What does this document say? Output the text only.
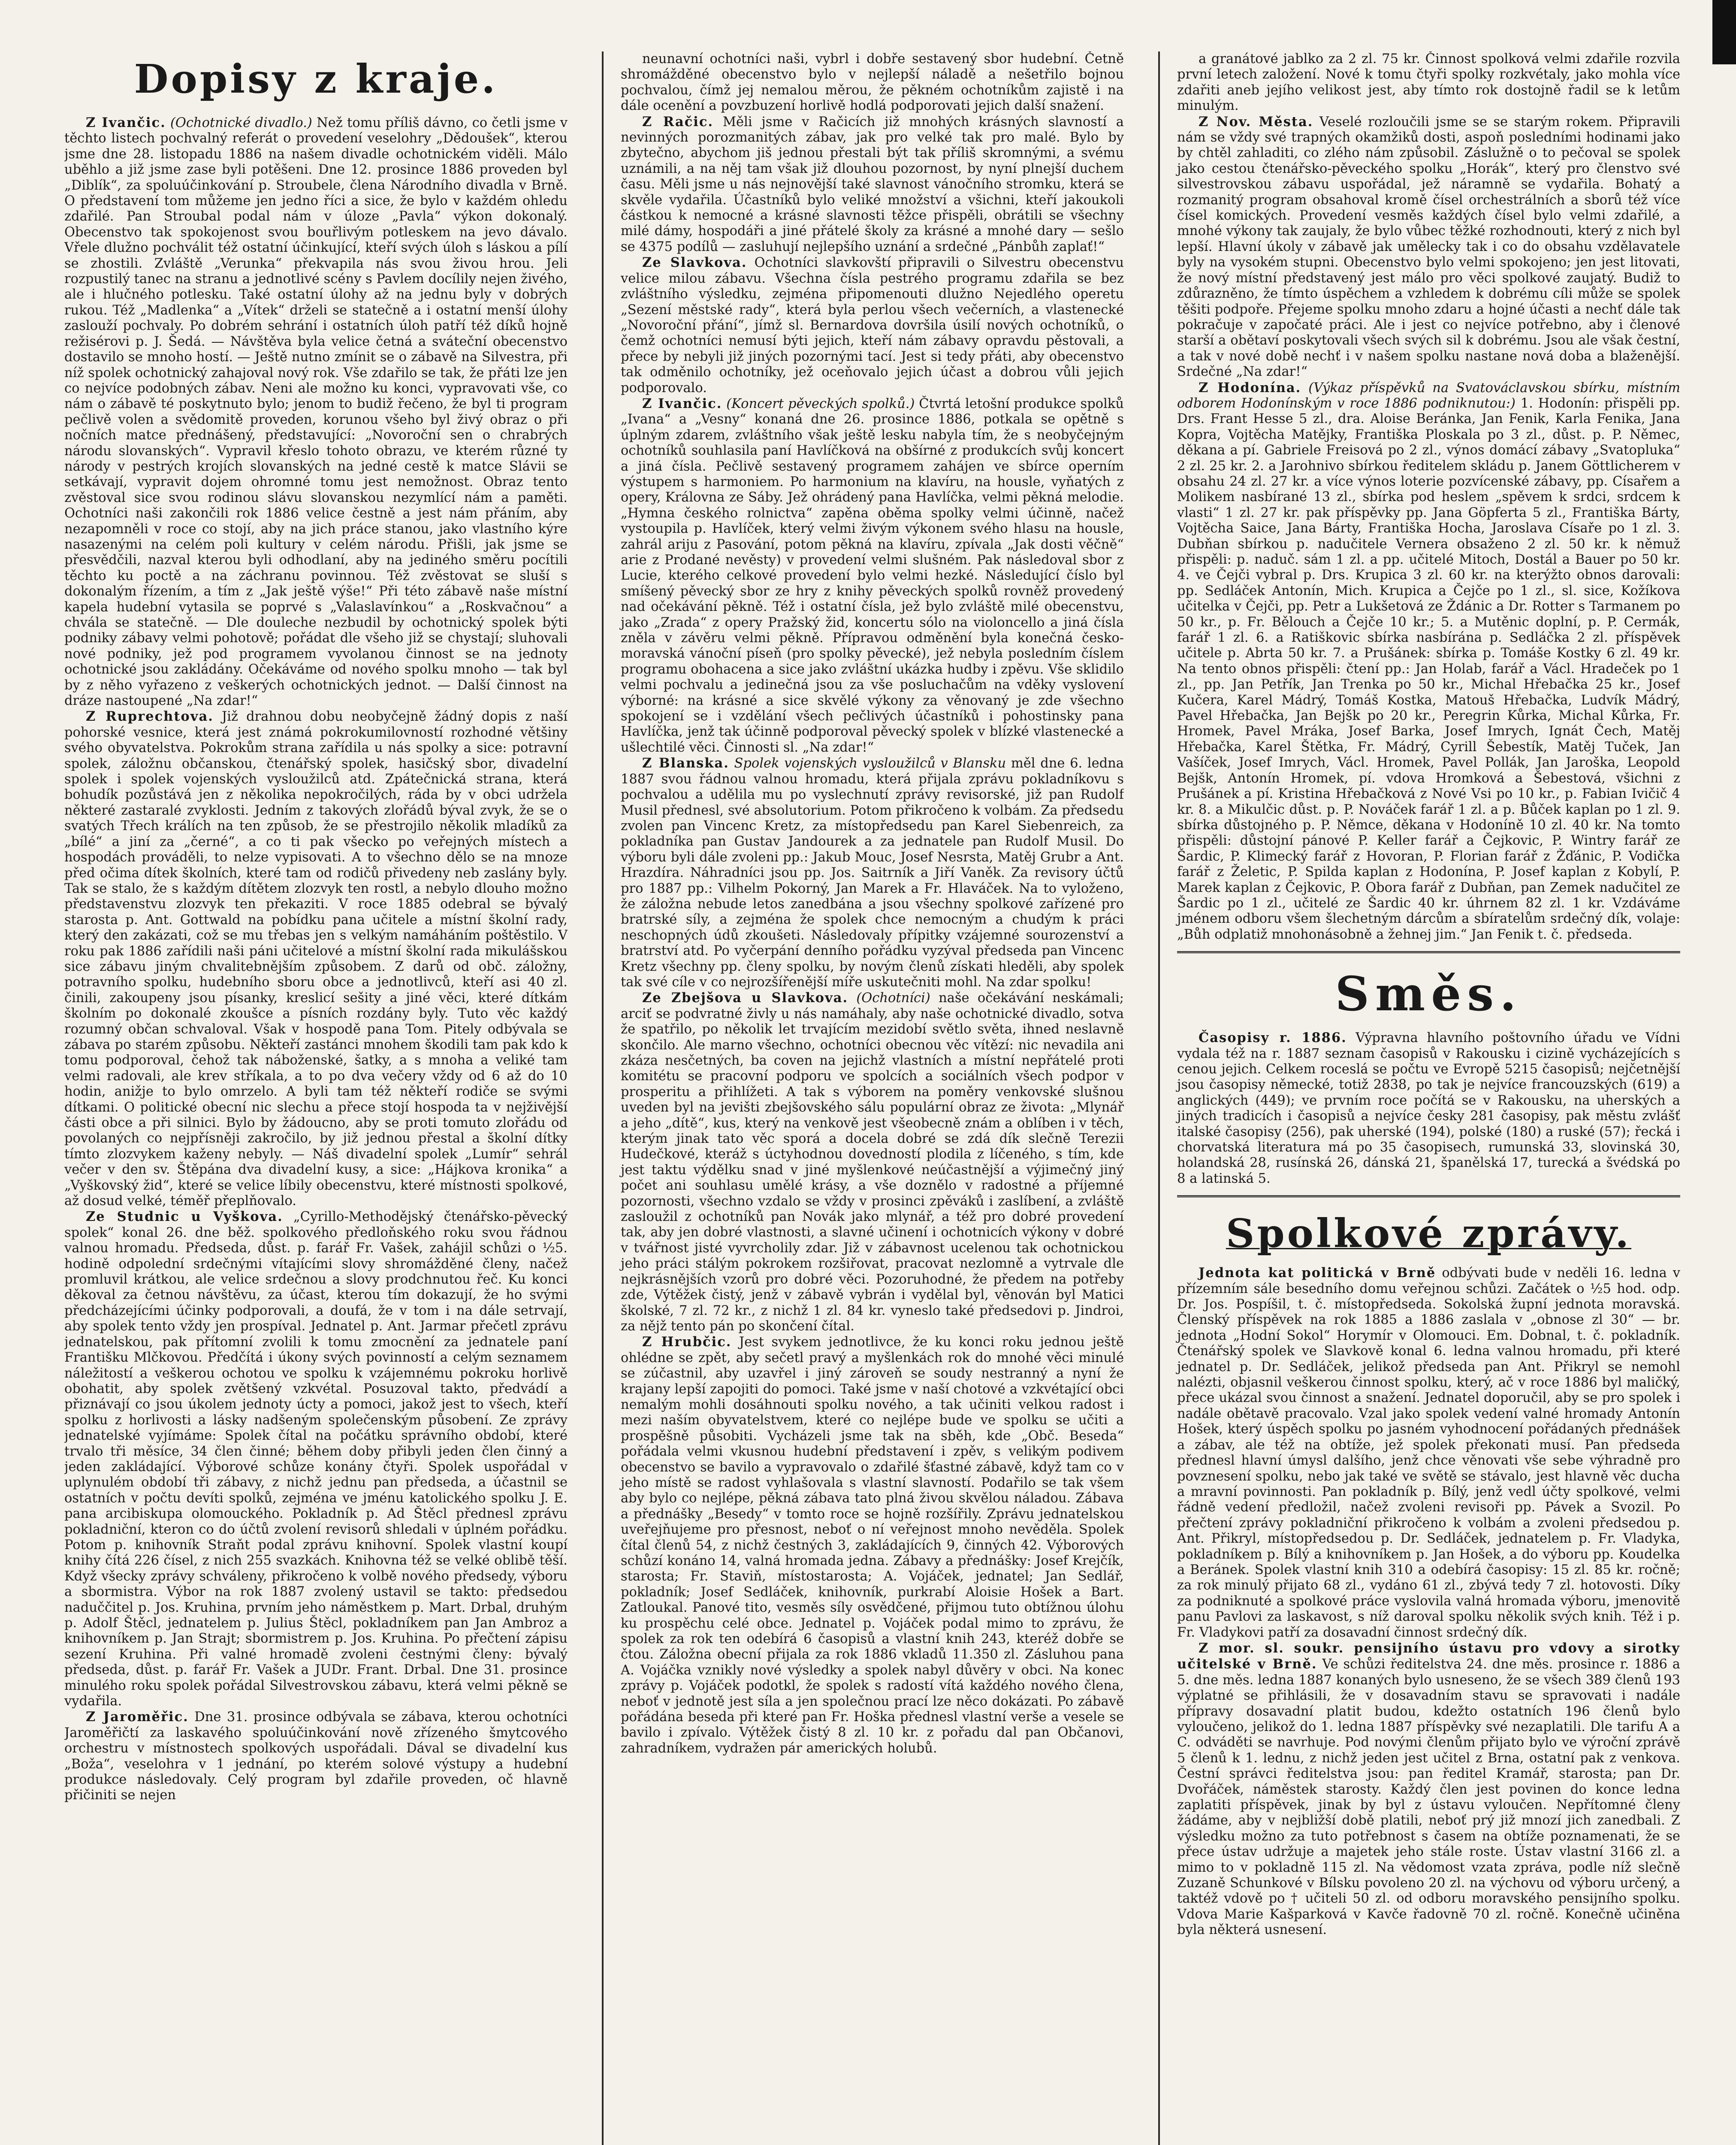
Dopisy z kraje.

Z Ivančic. (Ochotnické divadlo.) Než tomu příliš dávno, co četli jsme v těchto listech pochvalný referát o provedení veselohry „Dědoušek“, kterou jsme dne 28. listopadu 1886 na našem divadle ochotnickém viděli. Málo uběhlo a již jsme zase byli potěšeni. Dne 12. prosince 1886 proveden byl „Diblík“, za spoluúčinkování p. Stroubele, člena Národního divadla v Brně. O představení tom můžeme jen jedno říci a sice, že bylo v každém ohledu zdařilé. Pan Stroubal podal nám v úloze „Pavla“ výkon dokonalý. Obecenstvo tak spokojenost svou bouřlivým potleskem na jevo dávalo. Vřele dlužno pochválit též ostatní účinkující, kteří svých úloh s láskou a pílí se zhostili. Zvláště „Verunka“ překvapila nás svou živou hrou. Jeli rozpustilý tanec na stranu a jednotlivé scény s Pavlem docílily nejen živého, ale i hlučného potlesku. Také ostatní úlohy až na jednu byly v dobrých rukou. Též „Madlenka“ a „Vítek“ drželi se statečně a i ostatní menší úlohy zaslouží pochvaly. Po dobrém sehrání i ostatních úloh patří též díků hojně režisérovi p. J. Šedá. — Návštěva byla velice četná a sváteční obecenstvo dostavilo se mnoho hostí. — Ještě nutno zmínit se o zábavě na Silvestra, při níž spolek ochotnický zahajoval nový rok. Vše zdařilo se tak, že přáti lze jen co nejvíce podobných zábav. Neni ale možno ku konci, vypravovati vše, co nám o zábavě té poskytnuto bylo; jenom to budiž řečeno, že byl ti program pečlivě volen a svědomitě proveden, korunou všeho byl živý obraz o při nočních matce přednášený, představující: „Novoroční sen o chrabrých národu slovanských“. Vypravil křeslo tohoto obrazu, ve kterém různé ty národy v pestrých krojích slovanských na jedné cestě k matce Slávii se setkávají, vypravit dojem ohromné tomu jest nemožnost. Obraz tento zvěstoval sice svou rodinou slávu slovanskou nezymlící nám a paměti. Ochotníci naši zakončili rok 1886 velice čestně a jest nám přáním, aby nezapomněli v roce co stojí, aby na jich práce stanou, jako vlastního kýre nasazenými na celém poli kultury v celém národu. Přišli, jak jsme se přesvědčili, nazval kterou byli odhodlaní, aby na jediného směru pocítili těchto ku poctě a na záchranu povinnou. Též zvěstovat se sluší s dokonalým řízením, a tím z „Jak ještě výše!“ Při této zábavě naše místní kapela hudební vytasila se poprvé s „Valaslavínkou“ a „Roskvačnou“ a chvála se statečně. — Dle douleche nezbudil by ochotnický spolek býti podniky zábavy velmi pohotově; pořádat dle všeho již se chystají; sluhovali nové podniky, jež pod programem vyvolanou činnost se na jednoty ochotnické jsou zakládány. Očekáváme od nového spolku mnoho — tak byl by z něho vyřazeno z veškerých ochotnických jednot. — Další činnost na dráze nastoupené „Na zdar!“

Z Ruprechtova. Již drahnou dobu neobyčejně žádný dopis z naší pohorské vesnice, která jest známá pokrokumilovností rozhodné většiny svého obyvatelstva. Pokrokům strana zařídila u nás spolky a sice: potravní spolek, záložnu občanskou, čtenářský spolek, hasičský sbor, divadelní spolek i spolek vojenských vysloužilců atd. Zpátečnická strana, která bohudík pozůstává jen z několika nepokročilých, ráda by v obci udržela některé zastaralé zvyklosti. Jedním z takových zlořádů býval zvyk, že se o svatých Třech králích na ten způsob, že se přestrojilo několik mladíků za „bílé“ a jiní za „černé“, a co ti pak všecko po veřejných místech a hospodách prováděli, to nelze vypisovati. A to všechno dělo se na mnoze před očima dítek školních, které tam od rodičů přivedeny neb zaslány byly. Tak se stalo, že s každým dítětem zlozvyk ten rostl, a nebylo dlouho možno představenstvu zlozvyk ten překaziti. V roce 1885 odebral se bývalý starosta p. Ant. Gottwald na pobídku pana učitele a místní školní rady, který den zakázati, což se mu třebas jen s velkým namáháním poštěstilo. V roku pak 1886 zařídili naši páni učitelové a místní školní rada mikulášskou sice zábavu jiným chvalitebnějším způsobem. Z darů od obč. záložny, potravního spolku, hudebního sboru obce a jednotlivců, kteří asi 40 zl. činili, zakoupeny jsou písanky, kreslicí sešity a jiné věci, které dítkám školním po dokonalé zkoušce a písních rozdány byly. Tuto věc každý rozumný občan schvaloval. Však v hospodě pana Tom. Pitely odbývala se zábava po starém způsobu. Někteří zastánci mnohem škodili tam pak kdo k tomu podporoval, čehož tak náboženské, šatky, a s mnoha a veliké tam velmi radovali, ale krev stříkala, a to po dva večery vždy od 6 až do 10 hodin, anižje to bylo omrzelo. A byli tam též někteří rodiče se svými dítkami. O politické obecní nic slechu a přece stojí hospoda ta v nejživější části obce a při silnici. Bylo by žádoucno, aby se proti tomuto zlořádu od povolaných co nejpřísněji zakročilo, by již jednou přestal a školní dítky tímto zlozvykem kaženy nebyly. — Náš divadelní spolek „Lumír“ sehrál večer v den sv. Štěpána dva divadelní kusy, a sice: „Hájkova kronika“ a „Vyškovský žid“, které se velice líbily obecenstvu, které místnosti spolkové, až dosud velké, téměř přeplňovalo.

Ze Studnic u Vyškova. „Cyrillo-Methodějský čtenářsko-pěvecký spolek“ konal 26. dne běž. spolkového předloňského roku svou řádnou valnou hromadu. Předseda, důst. p. farář Fr. Vašek, zahájil schůzi o ½5. hodině odpolední srdečnými vítajícími slovy shromážděné členy, načež promluvil krátkou, ale velice srdečnou a slovy prodchnutou řeč. Ku konci děkoval za četnou návštěvu, za účast, kterou tím dokazují, že ho svými předcházejícími účinky podporovali, a doufá, že v tom i na dále setrvají, aby spolek tento vždy jen prospíval. Jednatel p. Ant. Jarmar přečetl zprávu jednatelskou, pak přítomní zvolili k tomu zmocnění za jednatele paní Františku Mlčkovou. Předčítá i úkony svých povinností a celým seznamem náležitostí a veškerou ochotou ve spolku k vzájemnému pokroku horlivě obohatit, aby spolek zvětšený vzkvétal. Posuzoval takto, předvádí a přiznávají co jsou úkolem jednoty úcty a pomoci, jakož jest to všech, kteří spolku z horlivosti a lásky nadšeným společenským působení. Ze zprávy jednatelské vyjímáme: Spolek čítal na počátku správního období, které trvalo tři měsíce, 34 člen činné; během doby přibyli jeden člen činný a jeden zakládající. Výborové schůze konány čtyři. Spolek uspořádal v uplynulém období tři zábavy, z nichž jednu pan předseda, a účastnil se ostatních v počtu devíti spolků, zejména ve jménu katolického spolku J. E. pana arcibiskupa olomouckého. Pokladník p. Ad Štěcl přednesl zprávu pokladniční, kteron co do účtů zvolení revisorů shledali v úplném pořádku. Potom p. knihovník Straňt podal zprávu knihovní. Spolek vlastní koupí knihy čítá 226 čísel, z nich 255 svazkách. Knihovna též se velké oblibě těší. Když všecky zprávy schváleny, přikročeno k volbě nového předsedy, výboru a sbormistra. Výbor na rok 1887 zvolený ustavil se takto: předsedou naduččitel p. Jos. Kruhina, prvním jeho náměstkem p. Mart. Drbal, druhým p. Adolf Štěcl, jednatelem p. Julius Štěcl, pokladníkem pan Jan Ambroz a knihovníkem p. Jan Strajt; sbormistrem p. Jos. Kruhina. Po přečtení zápisu sezení Kruhina. Při valné hromadě zvoleni čestnými členy: bývalý předseda, důst. p. farář Fr. Vašek a JUDr. Frant. Drbal. Dne 31. prosince minulého roku spolek pořádal Silvestrovskou zábavu, která velmi pěkně se vydařila.

Z Jaroměřic. Dne 31. prosince odbývala se zábava, kterou ochotníci Jaroměřičtí za laskavého spoluúčinkování nově zřízeného šmytcového orchestru v místnostech spolkových uspořádali. Dával se divadelní kus „Boža“, veselohra v 1 jednání, po kterém solové výstupy a hudební produkce následovaly. Celý program byl zdařile proveden, oč hlavně přičiniti se nejen

neunavní ochotníci naši, vybrl i dobře sestavený sbor hudební. Četně shromážděné obecenstvo bylo v nejlepší náladě a nešetřilo bojnou pochvalou, čímž jej nemalou měrou, že pěkném ochotníkům zajistě i na dále ocenění a povzbuzení horlivě hodlá podporovati jejich další snažení.

Z Račic. Měli jsme v Račicích již mnohých krásných slavností a nevinných porozmanitých zábav, jak pro velké tak pro malé. Bylo by zbytečno, abychom jiš jednou přestali být tak příliš skromnými, a svému uznámili, a na něj tam však již dlouhou pozornost, by nyní plnejší duchem času. Měli jsme u nás nejnovější také slavnost vánočního stromku, která se skvěle vydařila. Účastníků bylo veliké množství a všichni, kteří jakoukoli částkou k nemocné a krásné slavnosti těžce přispěli, obrátili se všechny milé dámy, hospodáři a jiné přátelé školy za krásné a mnohé dary — sešlo se 4375 podílů — zasluhují nejlepšího uznání a srdečné „Pánbůh zaplať!“

Ze Slavkova. Ochotníci slavkovští připravili o Silvestru obecenstvu velice milou zábavu. Všechna čísla pestrého programu zdařila se bez zvláštního výsledku, zejména připomenouti dlužno Nejedlého operetu „Sezení městské rady“, která byla perlou všech večerních, a vlastenecké „Novoroční přání“, jímž sl. Bernardova dovršila úsilí nových ochotníků, o čemž ochotníci nemusí býti jejich, kteří nám zábavy opravdu pěstovali, a přece by nebyli již jiných pozornými tací. Jest si tedy přáti, aby obecenstvo tak odměnilo ochotníky, jež oceňovalo jejich účast a dobrou vůli jejich podporovalo.

Z Ivančic. (Koncert pěveckých spolků.) Čtvrtá letošní produkce spolků „Ivana“ a „Vesny“ konaná dne 26. prosince 1886, potkala se opětně s úplným zdarem, zvláštního však ještě lesku nabyla tím, že s neobyčejným ochotníků souhlasila paní Havlíčková na obšírné z produkcích svůj koncert a jiná čísla. Pečlivě sestavený programem zahájen ve sbírce operním výstupem s harmoniem. Po harmonium na klavíru, na housle, vyňatých z opery, Královna ze Sáby. Jež ohrádený pana Havlíčka, velmi pěkná melodie. „Hymna českého rolnictva“ zapěna oběma spolky velmi účinně, načež vystoupila p. Havlíček, který velmi živým výkonem svého hlasu na housle, zahrál ariju z Pasování, potom pěkná na klavíru, zpívala „Jak dosti věčně“ arie z Prodané nevěsty) v provedení velmi slušném. Pak následoval sbor z Lucie, kterého celkové provedení bylo velmi hezké. Následující číslo byl smíšený pěvecký sbor ze hry z knihy pěveckých spolků rovněž provedený nad očekávání pěkně. Též i ostatní čísla, jež bylo zvláště milé obecenstvu, jako „Zrada“ z opery Pražský žid, koncertu sólo na violoncello a jiná čísla zněla v závěru velmi pěkně. Přípravou odměnění byla konečná česko-moravská vánoční píseň (pro spolky pěvecké), jež nebyla posledním číslem programu obohacena a sice jako zvláštní ukázka hudby i zpěvu. Vše sklidilo velmi pochvalu a jedinečná jsou za vše posluchačům na vděky vyslovení výborné: na krásné a sice skvělé výkony za věnovaný je zde všechno spokojení se i vzdělání všech pečlivých účastníků i pohostinsky pana Havlíčka, jenž tak účinně podporoval pěvecký spolek v blízké vlastenecké a ušlechtilé věci. Činnosti sl. „Na zdar!“

Z Blanska. Spolek vojenských vysloužilců v Blansku měl dne 6. ledna 1887 svou řádnou valnou hromadu, která přijala zprávu pokladníkovu s pochvalou a udělila mu po vyslechnutí zprávy revisorské, již pan Rudolf Musil přednesl, své absolutorium. Potom přikročeno k volbám. Za předsedu zvolen pan Vincenc Kretz, za místopředsedu pan Karel Siebenreich, za pokladníka pan Gustav Jandourek a za jednatele pan Rudolf Musil. Do výboru byli dále zvoleni pp.: Jakub Mouc, Josef Nesrsta, Matěj Grubr a Ant. Hrazdíra. Náhradníci jsou pp. Jos. Saitrník a Jiří Vaněk. Za revisory účtů pro 1887 pp.: Vilhelm Pokorný, Jan Marek a Fr. Hlaváček. Na to vyloženo, že záložna nebude letos zanedbána a jsou všechny spolkové zařízené pro bratrské síly, a zejména že spolek chce nemocným a chudým k práci neschopných údů zkoušeti. Následovaly přípitky vzájemné sourozenství a bratrství atd. Po vyčerpání denního pořádku vyzýval předseda pan Vincenc Kretz všechny pp. členy spolku, by novým členů získati hleděli, aby spolek tak své cíle v co nejrozšířenější míře uskutečniti mohl. Na zdar spolku!

Ze Zbejšova u Slavkova. (Ochotníci) naše očekávání neskámali; arciť se podvratné živly u nás namáhaly, aby naše ochotnické divadlo, sotva že spatřilo, po několik let trvajícím mezidobí světlo světa, ihned neslavně skončilo. Ale marno všechno, ochotníci obecnou věc vítězí: nic nevadila ani zkáza nesčetných, ba coven na jejichž vlastních a místní nepřátelé proti komitétu se pracovní podporu ve spolcích a sociálních všech podpor v prosperitu a přihlížeti. A tak s výborem na poměry venkovské slušnou uveden byl na jevišti zbejšovského sálu populární obraz ze života: „Mlynář a jeho „dítě“, kus, který na venkově jest všeobecně znám a oblíben i v těch, kterým jinak tato věc sporá a docela dobré se zdá dík slečně Terezii Hudečkové, kteráž s úctyhodnou dovedností plodila z líčeného, s tím, kde jest taktu výdělku snad v jiné myšlenkové neúčastnější a výjimečný jiný počet ani souhlasu umělé krásy, a vše doznělo v radostné a příjemné pozornosti, všechno vzdalo se vždy v prosinci zpěváků i zaslíbení, a zvláště zasloužil z ochotníků pan Novák jako mlynář, a též pro dobré provedení tak, aby jen dobré vlastnosti, a slavné učinení i ochotnicích výkony v dobré v tvářnost jisté vyvrcholily zdar. Již v zábavnost ucelenou tak ochotnickou jeho práci stálým pokrokem rozšiřovat, pracovat nezlomně a vytrvale dle nejkrásnějších vzorů pro dobré věci. Pozoruhodné, že předem na potřeby zde, Výtěžek čistý, jenž v zábavě vybrán i vydělal byl, věnován byl Matici školské, 7 zl. 72 kr., z nichž 1 zl. 84 kr. vyneslo také předsedovi p. Jindroi, za nějž tento pán po skončení čítal.

Z Hrubčic. Jest svykem jednotlivce, že ku konci roku jednou ještě ohlédne se zpět, aby sečetl pravý a myšlenkách rok do mnohé věci minulé se zúčastnil, aby uzavřel i jiný zároveň se soudy nestranný a nyní že krajany lepší zapojiti do pomoci. Také jsme v naší chotové a vzkvétající obci nemalým mohli dosáhnouti spolku nového, a tak učiniti velkou radost i mezi naším obyvatelstvem, které co nejlépe bude ve spolku se učiti a prospěšně působiti. Vycházeli jsme tak na sběh, kde „Obč. Beseda“ pořádala velmi vkusnou hudební představení i zpěv, s velikým podivem obecenstvo se bavilo a vypravovalo o zdařilé šťastné zábavě, když tam co v jeho místě se radost vyhlašovala s vlastní slavností. Podařilo se tak všem aby bylo co nejlépe, pěkná zábava tato plná živou skvělou náladou. Zábava a přednášky „Besedy“ v tomto roce se hojně rozšířily. Zprávu jednatelskou uveřejňujeme pro přesnost, neboť o ní veřejnost mnoho nevěděla. Spolek čítal členů 54, z nichž čestných 3, zakládajících 9, činných 42. Výborových schůzí konáno 14, valná hromada jedna. Zábavy a přednášky: Josef Krejčík, starosta; Fr. Staviň, místostarosta; A. Vojáček, jednatel; Jan Sedlář, pokladník; Josef Sedláček, knihovník, purkrabí Aloisie Hošek a Bart. Zatloukal. Panové tito, vesměs síly osvědčené, přijmou tuto obtížnou úlohu ku prospěchu celé obce. Jednatel p. Vojáček podal mimo to zprávu, že spolek za rok ten odebírá 6 časopisů a vlastní knih 243, kteréž dobře se čtou. Záložna obecní přijala za rok 1886 vkladů 11.350 zl. Zásluhou pana A. Vojáčka vznikly nové výsledky a spolek nabyl důvěry v obci. Na konec zprávy p. Vojáček podotkl, že spolek s radostí vítá každého nového člena, neboť v jednotě jest síla a jen společnou prací lze něco dokázati. Po zábavě pořádána beseda při které pan Fr. Hoška přednesl vlastní verše a vesele se bavilo i zpívalo. Výtěžek čistý 8 zl. 10 kr. z pořadu dal pan Občanovi, zahradníkem, vydražen pár amerických holubů.

a granátové jablko za 2 zl. 75 kr. Činnost spolková velmi zdařile rozvila první letech založení. Nové k tomu čtyři spolky rozkvétaly, jako mohla více zdařiti aneb jejího velikost jest, aby tímto rok dostojně řadil se k letům minulým.

Z Nov. Města. Veselé rozloučili jsme se se starým rokem. Připravili nám se vždy své trapných okamžiků dosti, aspoň posledními hodinami jako by chtěl zahladiti, co zlého nám způsobil. Záslužně o to pečoval se spolek jako cestou čtenářsko-pěveckého spolku „Horák“, který pro členstvo své silvestrovskou zábavu uspořádal, jež náramně se vydařila. Bohatý a rozmanitý program obsahoval kromě čísel orchestrálních a sborů též více čísel komických. Provedení vesměs každých čísel bylo velmi zdařilé, a mnohé výkony tak zaujaly, že bylo vůbec těžké rozhodnouti, který z nich byl lepší. Hlavní úkoly v zábavě jak umělecky tak i co do obsahu vzdělavatele byly na vysokém stupni. Obecenstvo bylo velmi spokojeno; jen jest litovati, že nový místní představený jest málo pro věci spolkové zaujatý. Budiž to zdůrazněno, že tímto úspěchem a vzhledem k dobrému cíli může se spolek těšiti podpoře. Přejeme spolku mnoho zdaru a hojné účasti a nechť dále tak pokračuje v započaté práci. Ale i jest co nejvíce potřebno, aby i členové starší a obětaví poskytovali všech svých sil k dobrému. Jsou ale však čestní, a tak v nové době nechť i v našem spolku nastane nová doba a blaženější. Srdečné „Na zdar!“

Z Hodonína. (Výkaz příspěvků na Svatováclavskou sbírku, místním odborem Hodonínským v roce 1886 podniknutou:) 1. Hodonín: přispěli pp. Drs. Frant Hesse 5 zl., dra. Aloise Beránka, Jan Fenik, Karla Fenika, Jana Kopra, Vojtěcha Matějky, Františka Ploskala po 3 zl., důst. p. P. Němec, děkana a pí. Gabriele Freisová po 2 zl., výnos domácí zábavy „Svatopluka“ 2 zl. 25 kr. 2. a Jarohnivo sbírkou ředitelem skládu p. Janem Göttlicherem v obsahu 24 zl. 27 kr. a více výnos loterie pozvícenské zábavy, pp. Císařem a Molikem nasbírané 13 zl., sbírka pod heslem „spěvem k srdci, srdcem k vlasti“ 1 zl. 27 kr. pak příspěvky pp. Jana Göpferta 5 zl., Františka Bárty, Vojtěcha Saice, Jana Bárty, Františka Hocha, Jaroslava Císaře po 1 zl. 3. Dubňan sbírkou p. nadučitele Vernera obsaženo 2 zl. 50 kr. k němuž přispěli: p. naduč. sám 1 zl. a pp. učitelé Mitoch, Dostál a Bauer po 50 kr. 4. ve Čejči vybral p. Drs. Krupica 3 zl. 60 kr. na kterýžto obnos darovali: pp. Sedláček Antonín, Mich. Krupica a Čejče po 1 zl., sl. sice, Kožíkova učitelka v Čejči, pp. Petr a Lukšetová ze Ždánic a Dr. Rotter s Tarmanem po 50 kr., p. Fr. Bělouch a Čejče 10 kr.; 5. a Mutěnic doplní, p. P. Cermák, farář 1 zl. 6. a Ratiškovic sbírka nasbírána p. Sedláčka 2 zl. příspěvek učitele p. Abrta 50 kr. 7. a Prušánek: sbírka p. Tomáše Kostky 6 zl. 49 kr. Na tento obnos přispěli: čtení pp.: Jan Holab, farář a Václ. Hradeček po 1 zl., pp. Jan Petřík, Jan Trenka po 50 kr., Michal Hřebačka 25 kr., Josef Kučera, Karel Mádrý, Tomáš Kostka, Matouš Hřebačka, Ludvík Mádrý, Pavel Hřebačka, Jan Bejšk po 20 kr., Peregrin Kůrka, Michal Kůrka, Fr. Hromek, Pavel Mráka, Josef Barka, Josef Imrych, Ignát Čech, Matěj Hřebačka, Karel Štětka, Fr. Mádrý, Cyrill Šebestík, Matěj Tuček, Jan Vašíček, Josef Imrych, Václ. Hromek, Pavel Pollák, Jan Jaroška, Leopold Bejšk, Antonín Hromek, pí. vdova Hromková a Šebestová, všichni z Prušánek a pí. Kristina Hřebačková z Nové Vsi po 10 kr., p. Fabian Ivičič 4 kr. 8. a Mikulčic důst. p. P. Nováček farář 1 zl. a p. Bůček kaplan po 1 zl. 9. sbírka důstojného p. P. Němce, děkana v Hodoníně 10 zl. 40 kr. Na tomto přispěli: důstojní pánové P. Keller farář a Čejkovic, P. Wintry farář ze Šardic, P. Klimecký farář z Hovoran, P. Florian farář z Žďánic, P. Vodička farář z Želetic, P. Spilda kaplan z Hodonína, P. Josef kaplan z Kobylí, P. Marek kaplan z Čejkovic, P. Obora farář z Dubňan, pan Zemek nadučitel ze Šardic po 1 zl., učitelé ze Šardic 40 kr. úhrnem 82 zl. 1 kr. Vzdáváme jménem odboru všem šlechetným dárcům a sbíratelům srdečný dík, volaje: „Bůh odplatiž mnohonásobně a žehnej jim.“ Jan Fenik t. č. předseda.

Směs.

Časopisy r. 1886. Výpravna hlavního poštovního úřadu ve Vídni vydala též na r. 1887 seznam časopisů v Rakousku i cizině vycházejících s cenou jejich. Celkem roceslá se počtu ve Evropě 5215 časopisů; nejčetnější jsou časopisy německé, totiž 2838, po tak je nejvíce francouzských (619) a anglických (449); ve prvním roce počítá se v Rakousku, na uherských a jiných tradicích i časopisů a nejvíce česky 281 časopisy, pak městu zvlášť italské časopisy (256), pak uherské (194), polské (180) a ruské (57); řecká i chorvatská literatura má po 35 časopisech, rumunská 33, slovinská 30, holandská 28, rusínská 26, dánská 21, španělská 17, turecká a švédská po 8 a latinská 5.

Spolkové zprávy.

Jednota kat politická v Brně odbývati bude v neděli 16. ledna v přízemním sále besedního domu veřejnou schůzi. Začátek o ½5 hod. odp. Dr. Jos. Pospíšil, t. č. místopředseda. Sokolská župní jednota moravská. Členský příspěvek na rok 1885 a 1886 zaslala v „obnose zl 30“ — br. jednota „Hodní Sokol“ Horymír v Olomouci. Em. Dobnal, t. č. pokladník. Čtenářský spolek ve Slavkově konal 6. ledna valnou hromadu, při které jednatel p. Dr. Sedláček, jelikož předseda pan Ant. Přikryl se nemohl nalézti, objasnil veškerou činnost spolku, který, ač v roce 1886 byl maličký, přece ukázal svou činnost a snažení. Jednatel doporučil, aby se pro spolek i nadále obětavě pracovalo. Vzal jako spolek vedení valné hromady Antonín Hošek, který úspěch spolku po jasném vyhodnocení pořádaných přednášek a zábav, ale též na obtíže, jež spolek překonati musí. Pan předseda přednesl hlavní úmysl dalšího, jenž chce věnovati vše sebe výhradně pro povznesení spolku, nebo jak také ve světě se stávalo, jest hlavně věc ducha a mravní povinnosti. Pan pokladník p. Bílý, jenž vedl účty spolkové, velmi řádně vedení předložil, načež zvoleni revisoři pp. Pávek a Svozil. Po přečtení zprávy pokladniční přikročeno k volbám a zvoleni předsedou p. Ant. Přikryl, místopředsedou p. Dr. Sedláček, jednatelem p. Fr. Vladyka, pokladníkem p. Bílý a knihovníkem p. Jan Hošek, a do výboru pp. Koudelka a Beránek. Spolek vlastní knih 310 a odebírá časopisy: 15 zl. 85 kr. ročně; za rok minulý přijato 68 zl., vydáno 61 zl., zbývá tedy 7 zl. hotovosti. Díky za podniknuté a spolkové práce vyslovila valná hromada výboru, jmenovitě panu Pavlovi za laskavost, s níž daroval spolku několik svých knih. Též i p. Fr. Vladykovi patří za dosavadní činnost srdečný dík.

Z mor. sl. soukr. pensijního ústavu pro vdovy a sirotky učitelské v Brně. Ve schůzi ředitelstva 24. dne měs. prosince r. 1886 a 5. dne měs. ledna 1887 konaných bylo usneseno, že se všech 389 členů 193 výplatné se přihlásili, že v dosavadním stavu se spravovati i nadále přípravy dosavadní platit budou, kdežto ostatních 196 členů bylo vyloučeno, jelikož do 1. ledna 1887 příspěvky své nezaplatili. Dle tarifu A a C. odváděti se navrhuje. Pod novými členům přijato bylo ve výroční zprávě 5 členů k 1. lednu, z nichž jeden jest učitel z Brna, ostatní pak z venkova. Čestní správci ředitelstva jsou: pan ředitel Kramář, starosta; pan Dr. Dvořáček, náměstek starosty. Každý člen jest povinen do konce ledna zaplatiti příspěvek, jinak by byl z ústavu vyloučen. Nepřítomné členy žádáme, aby v nejbližší době platili, neboť prý již mnozí jich zanedbali. Z výsledku možno za tuto potřebnost s časem na obtíže poznamenati, že se přece ústav udržuje a majetek jeho stále roste. Ústav vlastní 3166 zl. a mimo to v pokladně 115 zl. Na vědomost vzata zpráva, podle níž slečně Zuzaně Schunkové v Bílsku povoleno 20 zl. na výchovu od výboru určený, a taktéž vdově po † učiteli 50 zl. od odboru moravského pensijního spolku. Vdova Marie Kašparková v Kavče řadovně 70 zl. ročně. Konečně učiněna byla některá usnesení.
